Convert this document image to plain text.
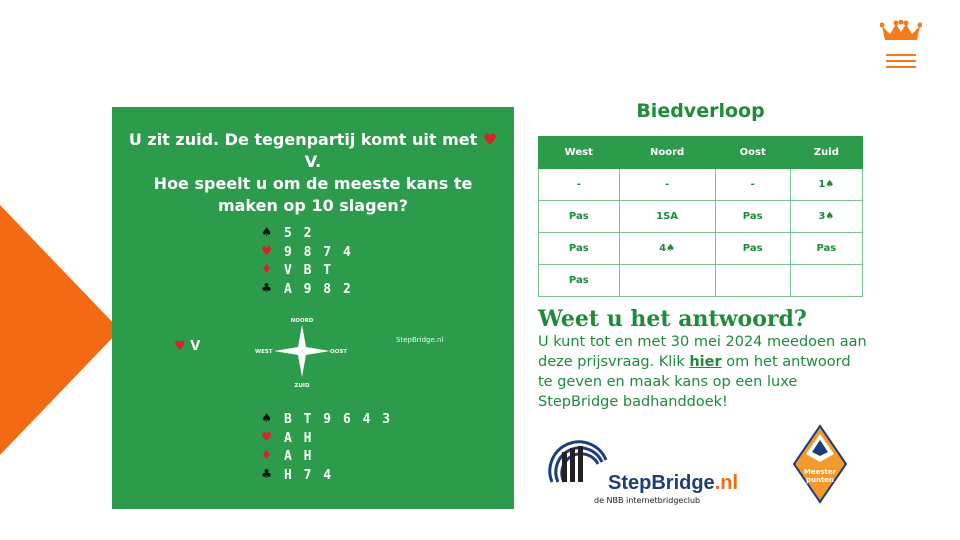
U zit zuid. De tegenpartij komt uit met ♥ V.
Hoe speelt u om de meeste kans te
maken op 10 slagen?
♠ 5 2
♥ 9 8 7 4
♦ V B T
♣ A 9 8 2
♥ V
NOORD
ZUID
WEST	OOST
StepBridge.nl
♠ B T 9 6 4 3
♥ A H
♦ A H
♣ H 7 4
Biedverloop
West	Noord	Oost	Zuid
-	-	-	1♠
Pas	1SA	Pas	3♠
Pas	4♠	Pas	Pas
Pas			
Weet u het antwoord?
U kunt tot en met 30 mei 2024 meedoen aan deze prijsvraag. Klik hier om het antwoord te geven en maak kans op een luxe StepBridge badhanddoek!
StepBridge.nl
de NBB internetbridgeclub
Meester
punten
